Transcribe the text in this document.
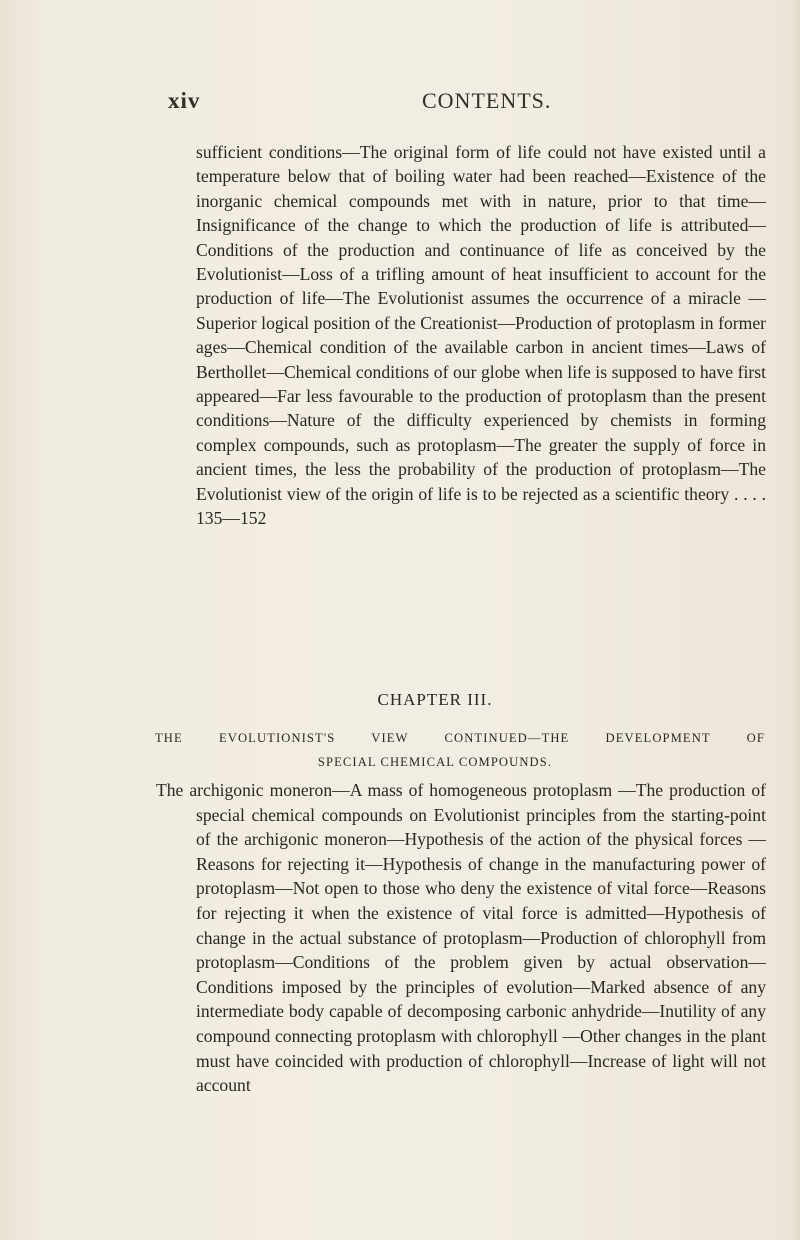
xiv	CONTENTS.

sufficient conditions—The original form of life could not have existed until a temperature below that of boiling water had been reached—Existence of the inorganic chemical compounds met with in nature, prior to that time—Insignificance of the change to which the production of life is attributed—Conditions of the production and continuance of life as conceived by the Evolutionist—Loss of a trifling amount of heat insufficient to account for the production of life—The Evolutionist assumes the occurrence of a miracle —Superior logical position of the Creationist—Production of protoplasm in former ages—Chemical condition of the available carbon in ancient times—Laws of Berthollet—Chemical conditions of our globe when life is supposed to have first appeared—Far less favourable to the production of protoplasm than the present conditions—Nature of the difficulty experienced by chemists in forming complex compounds, such as protoplasm—The greater the supply of force in ancient times, the less the probability of the production of protoplasm—The Evolutionist view of the origin of life is to be rejected as a scientific theory . . . . 135—152

CHAPTER III.
THE EVOLUTIONIST'S VIEW CONTINUED—THE DEVELOPMENT OF
SPECIAL CHEMICAL COMPOUNDS.

The archigonic moneron—A mass of homogeneous protoplasm —The production of special chemical compounds on Evolutionist principles from the starting-point of the archigonic moneron—Hypothesis of the action of the physical forces —Reasons for rejecting it—Hypothesis of change in the manufacturing power of protoplasm—Not open to those who deny the existence of vital force—Reasons for rejecting it when the existence of vital force is admitted—Hypothesis of change in the actual substance of protoplasm—Production of chlorophyll from protoplasm—Conditions of the problem given by actual observation—Conditions imposed by the principles of evolution—Marked absence of any intermediate body capable of decomposing carbonic anhydride—Inutility of any compound connecting protoplasm with chlorophyll —Other changes in the plant must have coincided with production of chlorophyll—Increase of light will not account
